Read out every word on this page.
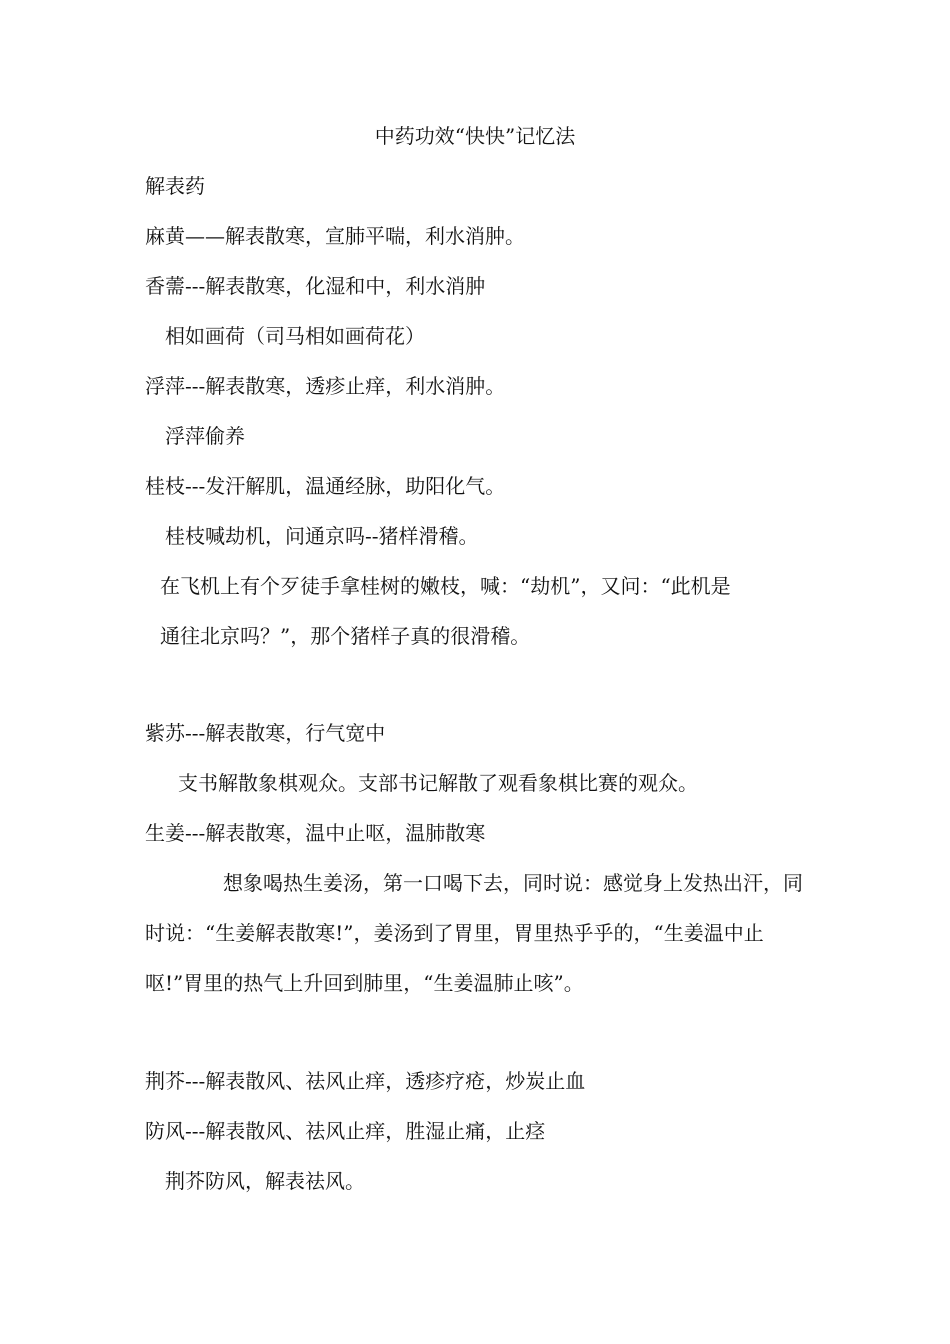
中药功效“快快”记忆法

解表药

麻黄——解表散寒，宣肺平喘，利水消肿。

香薷---解表散寒，化湿和中，利水消肿

相如画荷（司马相如画荷花）

浮萍---解表散寒，透疹止痒，利水消肿。

浮萍偷养

桂枝---发汗解肌，温通经脉，助阳化气。

桂枝喊劫机，问通京吗--猪样滑稽。

在飞机上有个歹徒手拿桂树的嫩枝，喊：“劫机”，又问：“此机是

通往北京吗？”，那个猪样子真的很滑稽。

紫苏---解表散寒，行气宽中

支书解散象棋观众。支部书记解散了观看象棋比赛的观众。

生姜---解表散寒，温中止呕，温肺散寒

想象喝热生姜汤，第一口喝下去，同时说：感觉身上发热出汗，同时说：“生姜解表散寒!”，姜汤到了胃里，胃里热乎乎的，“生姜温中止呕!”胃里的热气上升回到肺里，“生姜温肺止咳”。

荆芥---解表散风、祛风止痒，透疹疗疮，炒炭止血

防风---解表散风、祛风止痒，胜湿止痛，止痉

荆芥防风，解表祛风。
